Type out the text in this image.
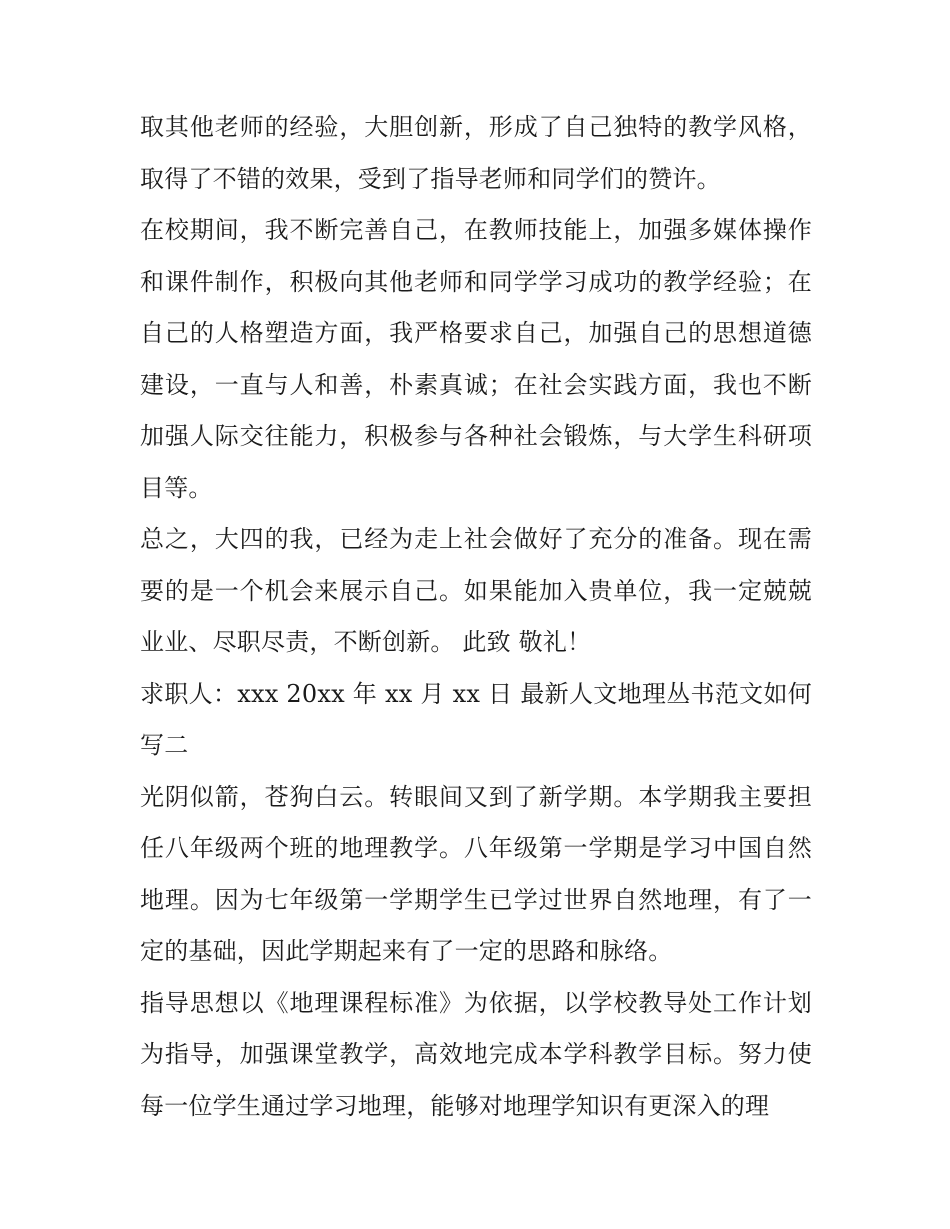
取其他老师的经验，大胆创新，形成了自己独特的教学风格，取得了不错的效果，受到了指导老师和同学们的赞许。

在校期间，我不断完善自己，在教师技能上，加强多媒体操作和课件制作，积极向其他老师和同学学习成功的教学经验；在自己的人格塑造方面，我严格要求自己，加强自己的思想道德建设，一直与人和善，朴素真诚；在社会实践方面，我也不断加强人际交往能力，积极参与各种社会锻炼，与大学生科研项目等。

总之，大四的我，已经为走上社会做好了充分的准备。现在需要的是一个机会来展示自己。如果能加入贵单位，我一定兢兢业业、尽职尽责，不断创新。 此致 敬礼！

求职人：xxx 20xx 年 xx 月 xx 日 最新人文地理丛书范文如何写二

光阴似箭，苍狗白云。转眼间又到了新学期。本学期我主要担任八年级两个班的地理教学。八年级第一学期是学习中国自然地理。因为七年级第一学期学生已学过世界自然地理，有了一定的基础，因此学期起来有了一定的思路和脉络。

指导思想以《地理课程标准》为依据，以学校教导处工作计划为指导，加强课堂教学，高效地完成本学科教学目标。努力使每一位学生通过学习地理，能够对地理学知识有更深入的理
